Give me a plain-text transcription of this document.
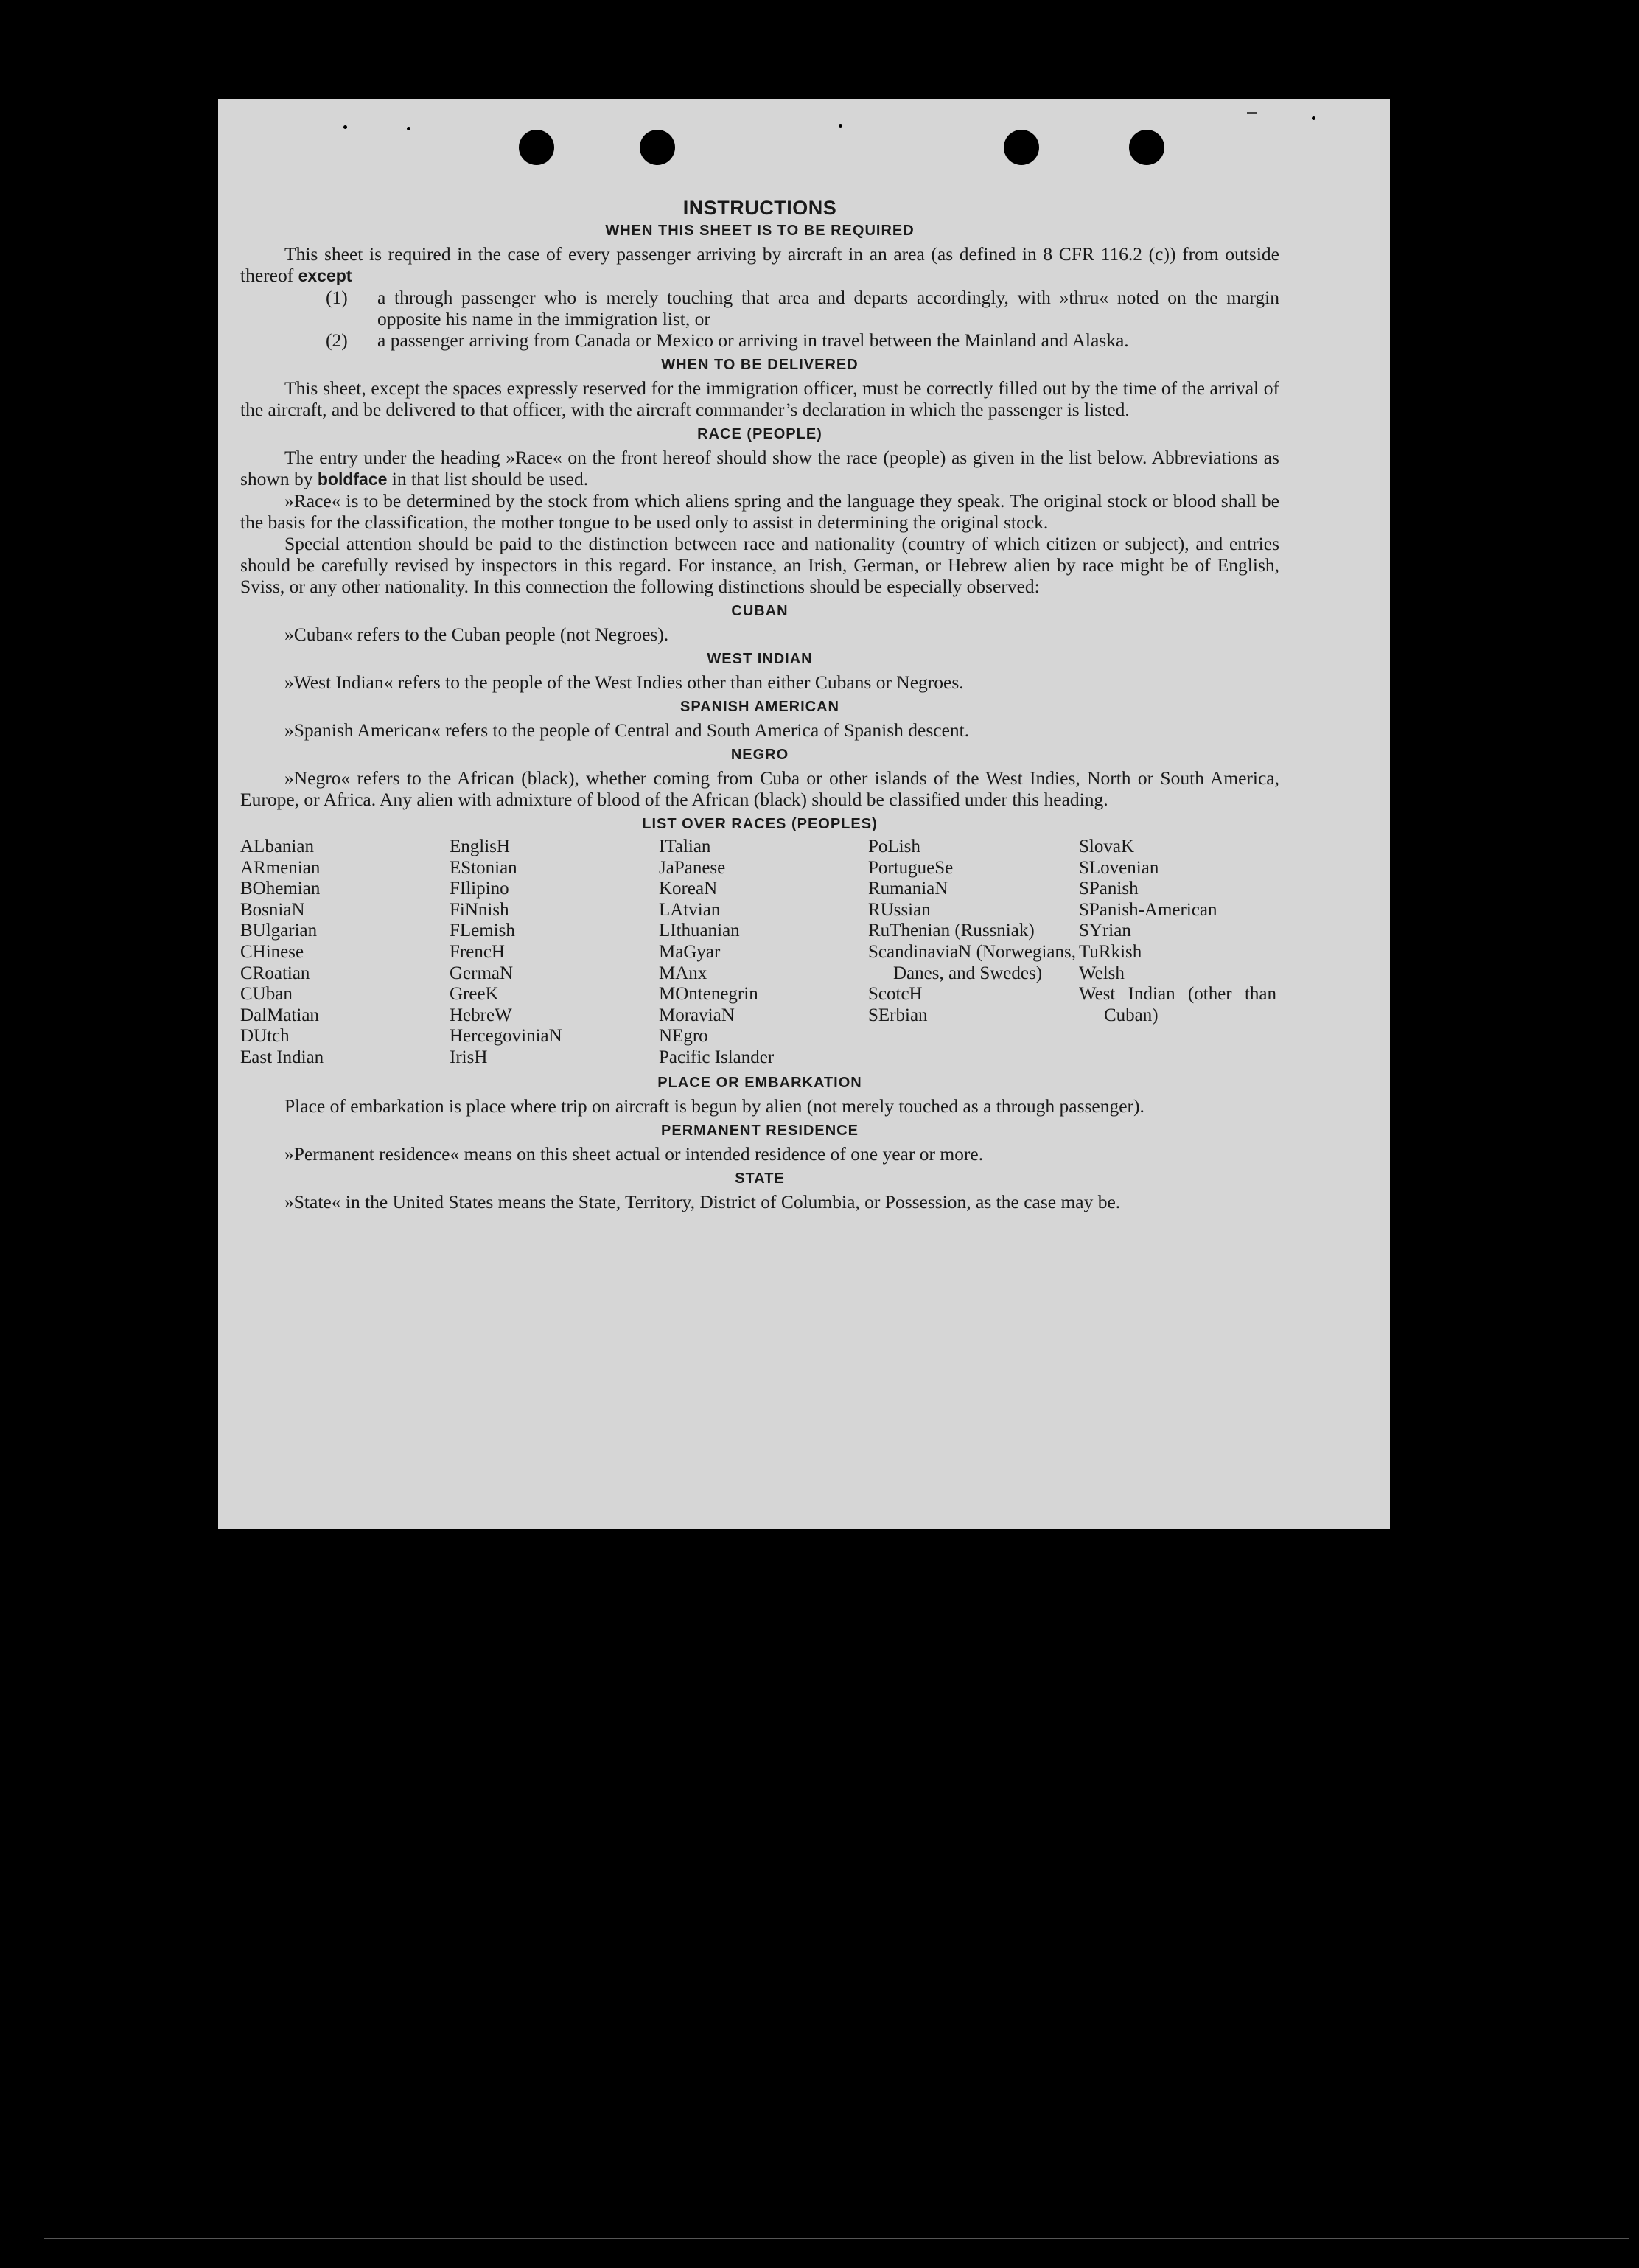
INSTRUCTIONS
WHEN THIS SHEET IS TO BE REQUIRED

This sheet is required in the case of every passenger arriving by aircraft in an area (as defined in 8 CFR 116.2 (c)) from outside thereof except

(1)	a through passenger who is merely touching that area and departs accordingly, with »thru« noted on the margin opposite his name in the immigration list, or
(2)	a passenger arriving from Canada or Mexico or arriving in travel between the Mainland and Alaska.
WHEN TO BE DELIVERED

This sheet, except the spaces expressly reserved for the immigration officer, must be correctly filled out by the time of the arrival of the aircraft, and be delivered to that officer, with the aircraft commander’s declaration in which the passenger is listed.

RACE (PEOPLE)

The entry under the heading »Race« on the front hereof should show the race (people) as given in the list below. Abbreviations as shown by boldface in that list should be used.

»Race« is to be determined by the stock from which aliens spring and the language they speak. The original stock or blood shall be the basis for the classification, the mother tongue to be used only to assist in determining the original stock.

Special attention should be paid to the distinction between race and nationality (country of which citizen or subject), and entries should be carefully revised by inspectors in this regard. For instance, an Irish, German, or Hebrew alien by race might be of English, Sviss, or any other nationality. In this connection the following distinctions should be especially observed:

CUBAN

»Cuban« refers to the Cuban people (not Negroes).

WEST INDIAN

»West Indian« refers to the people of the West Indies other than either Cubans or Negroes.

SPANISH AMERICAN

»Spanish American« refers to the people of Central and South America of Spanish descent.

NEGRO

»Negro« refers to the African (black), whether coming from Cuba or other islands of the West Indies, North or South America, Europe, or Africa. Any alien with admixture of blood of the African (black) should be classified under this heading.

LIST OVER RACES (PEOPLES)
ALbanian
ARmenian
BOhemian
BosniaN
BUlgarian
CHinese
CRoatian
CUban
DalMatian
DUtch
East Indian
EnglisH
EStonian
FIlipino
FiNnish
FLemish
FrencH
GermaN
GreeK
HebreW
HercegoviniaN
IrisH
ITalian
JaPanese
KoreaN
LAtvian
LIthuanian
MaGyar
MAnx
MOntenegrin
MoraviaN
NEgro
Pacific Islander
PoLish
PortugueSe
RumaniaN
RUssian
RuThenian (Russniak)
ScandinaviaN (Norwegians, Danes, and Swedes)
ScotcH
SErbian
SlovaK
SLovenian
SPanish
SPanish-American
SYrian
TuRkish
Welsh
West Indian (other than Cuban)
PLACE OR EMBARKATION

Place of embarkation is place where trip on aircraft is begun by alien (not merely touched as a through passenger).

PERMANENT RESIDENCE

»Permanent residence« means on this sheet actual or intended residence of one year or more.

STATE

»State« in the United States means the State, Territory, District of Columbia, or Possession, as the case may be.
